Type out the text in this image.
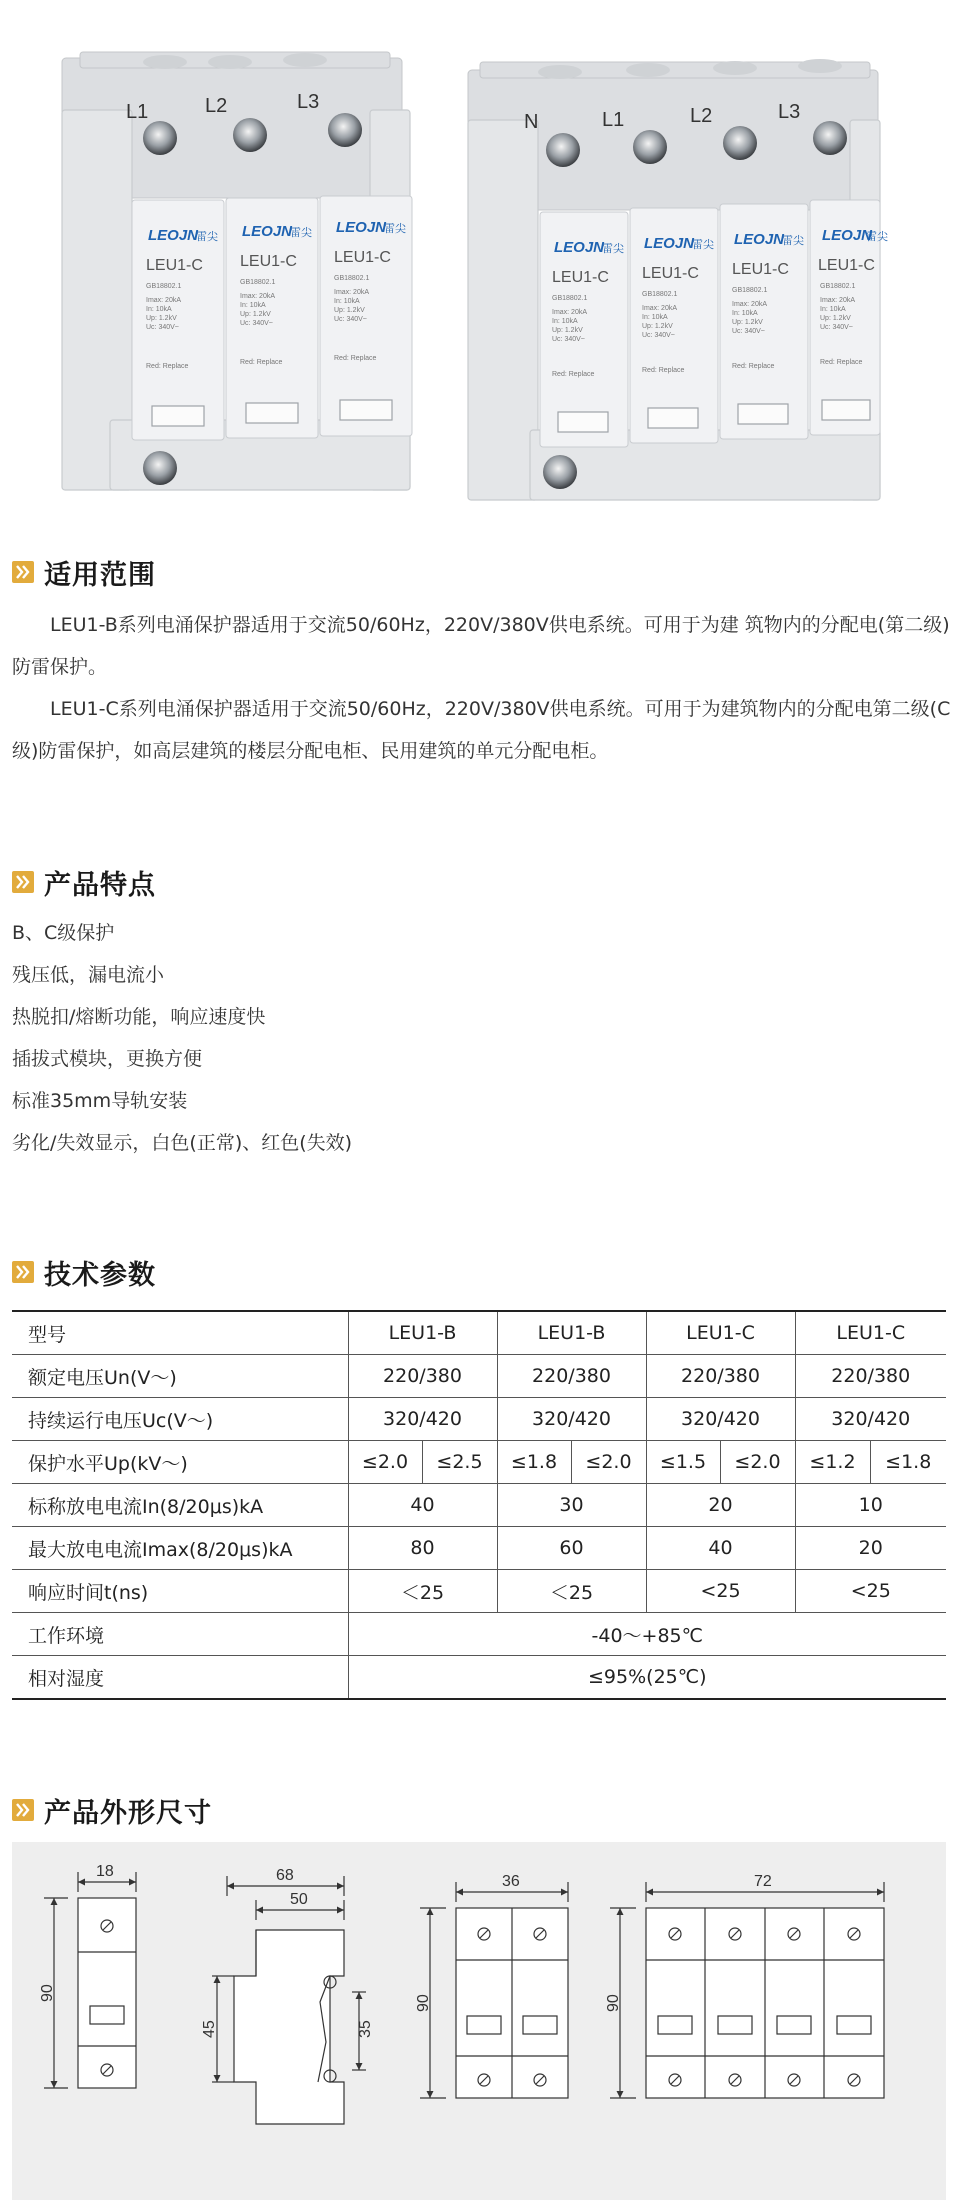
L1	L2	L3
LEOJN
雷尖
LEU1-C
GB18802.1
Imax: 20kA
In: 10kA
Up: 1.2kV
Uc: 340V~
Red: Replace
LEOJN
雷尖
LEU1-C
GB18802.1
Imax: 20kA
In: 10kA
Up: 1.2kV
Uc: 340V~
Red: Replace
LEOJN
雷尖
LEU1-C
GB18802.1
Imax: 20kA
In: 10kA
Up: 1.2kV
Uc: 340V~
Red: Replace
N	L1	L2	L3
LEOJN
雷尖
LEU1-C
GB18802.1
Imax: 20kA
In: 10kA
Up: 1.2kV
Uc: 340V~
Red: Replace
LEOJN
雷尖
LEU1-C
GB18802.1
Imax: 20kA
In: 10kA
Up: 1.2kV
Uc: 340V~
Red: Replace
LEOJN
雷尖
LEU1-C
GB18802.1
Imax: 20kA
In: 10kA
Up: 1.2kV
Uc: 340V~
Red: Replace
LEOJN
雷尖
LEU1-C
GB18802.1
Imax: 20kA
In: 10kA
Up: 1.2kV
Uc: 340V~
Red: Replace
适用范围

LEU1-B系列电涌保护器适用于交流50/60Hz，220V/380V供电系统。可用于为建 筑物内的分配电(第二级)防雷保护。

LEU1-C系列电涌保护器适用于交流50/60Hz，220V/380V供电系统。可用于为建筑物内的分配电第二级(C级)防雷保护，如高层建筑的楼层分配电柜、民用建筑的单元分配电柜。

产品特点
B、C级保护
残压低，漏电流小
热脱扣/熔断功能，响应速度快
插拔式模块，更换方便
标准35mm导轨安装
劣化/失效显示，白色(正常)、红色(失效)
技术参数
型号	LEU1-B		LEU1-B		LEU1-C		LEU1-C	
额定电压Un(V～)	220/380		220/380		220/380		220/380	
持续运行电压Uc(V～)	320/420		320/420		320/420		320/420	
保护水平Up(kV～)	≤2.0	≤2.5	≤1.8	≤2.0	≤1.5	≤2.0	≤1.2	≤1.8
标称放电电流In(8/20μs)kA	40		30		20		10	
最大放电电流Imax(8/20μs)kA	80		60		40		20	
响应时间t(ns)	＜25		＜25		<25		<25	
工作环境	-40～+85℃							
相对湿度	≤95%(25℃)							
产品外形尺寸
18
90
68
50
45	35
36
90
72
90
